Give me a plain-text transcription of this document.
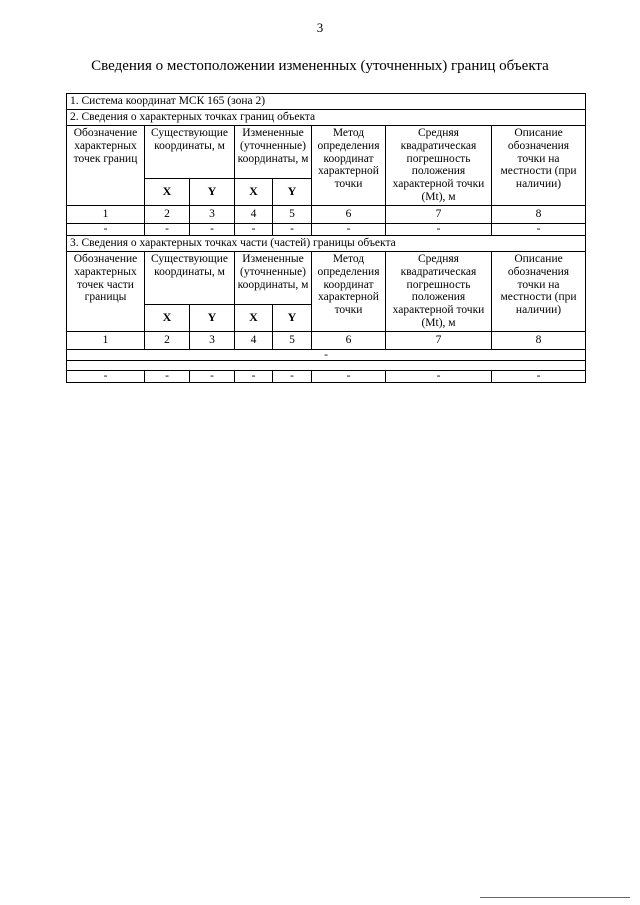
3
Сведения о местоположении измененных (уточненных) границ объекта
1. Система координат МСК 165 (зона 2)							
2. Сведения о характерных точках границ объекта							
Обозначение характерных точек границ	Существующие координаты, м		Измененные (уточненные) координаты, м		Метод определения координат характерной точки	Средняя квадратическая погрешность положения характерной точки (Mt), м	Описание обозначения точки на местности (при наличии)
	X	Y	X	Y			
1	2	3	4	5	6	7	8
-	-	-	-	-	-	-	-
3. Сведения о характерных точках части (частей) границы объекта							
Обозначение характерных точек части границы	Существующие координаты, м		Измененные (уточненные) координаты, м		Метод определения координат характерной точки	Средняя квадратическая погрешность положения характерной точки (Mt), м	Описание обозначения точки на местности (при наличии)
	X	Y	X	Y			
1	2	3	4	5	6	7	8
-							

-	-	-	-	-	-	-	-
